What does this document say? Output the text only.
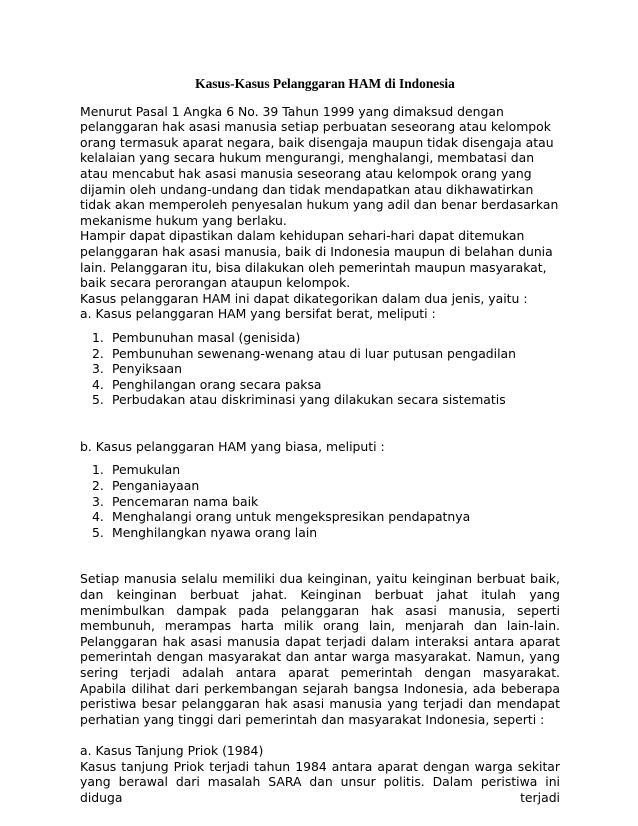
Kasus-Kasus Pelanggaran HAM di Indonesia

Menurut Pasal 1 Angka 6 No. 39 Tahun 1999 yang dimaksud dengan pelanggaran hak asasi manusia setiap perbuatan seseorang atau kelompok orang termasuk aparat negara, baik disengaja maupun tidak disengaja atau kelalaian yang secara hukum mengurangi, menghalangi, membatasi dan atau mencabut hak asasi manusia seseorang atau kelompok orang yang dijamin oleh undang-undang dan tidak mendapatkan atau dikhawatirkan tidak akan memperoleh penyesalan hukum yang adil dan benar berdasarkan mekanisme hukum yang berlaku.

Hampir dapat dipastikan dalam kehidupan sehari-hari dapat ditemukan pelanggaran hak asasi manusia, baik di Indonesia maupun di belahan dunia lain. Pelanggaran itu, bisa dilakukan oleh pemerintah maupun masyarakat, baik secara perorangan ataupun kelompok.

Kasus pelanggaran HAM ini dapat dikategorikan dalam dua jenis, yaitu :

a. Kasus pelanggaran HAM yang bersifat berat, meliputi :

1. Pembunuhan masal (genisida)
2. Pembunuhan sewenang-wenang atau di luar putusan pengadilan
3. Penyiksaan
4. Penghilangan orang secara paksa
5. Perbudakan atau diskriminasi yang dilakukan secara sistematis

b. Kasus pelanggaran HAM yang biasa, meliputi :

1. Pemukulan
2. Penganiayaan
3. Pencemaran nama baik
4. Menghalangi orang untuk mengekspresikan pendapatnya
5. Menghilangkan nyawa orang lain

Setiap manusia selalu memiliki dua keinginan, yaitu keinginan berbuat baik, dan keinginan berbuat jahat. Keinginan berbuat jahat itulah yang menimbulkan dampak pada pelanggaran hak asasi manusia, seperti membunuh, merampas harta milik orang lain, menjarah dan lain-lain.

Pelanggaran hak asasi manusia dapat terjadi dalam interaksi antara aparat pemerintah dengan masyarakat dan antar warga masyarakat. Namun, yang sering terjadi adalah antara aparat pemerintah dengan masyarakat.

Apabila dilihat dari perkembangan sejarah bangsa Indonesia, ada beberapa peristiwa besar pelanggaran hak asasi manusia yang terjadi dan mendapat perhatian yang tinggi dari pemerintah dan masyarakat Indonesia, seperti :

a. Kasus Tanjung Priok (1984)

Kasus tanjung Priok terjadi tahun 1984 antara aparat dengan warga sekitar yang berawal dari masalah SARA dan unsur politis. Dalam peristiwa ini diduga terjadi
